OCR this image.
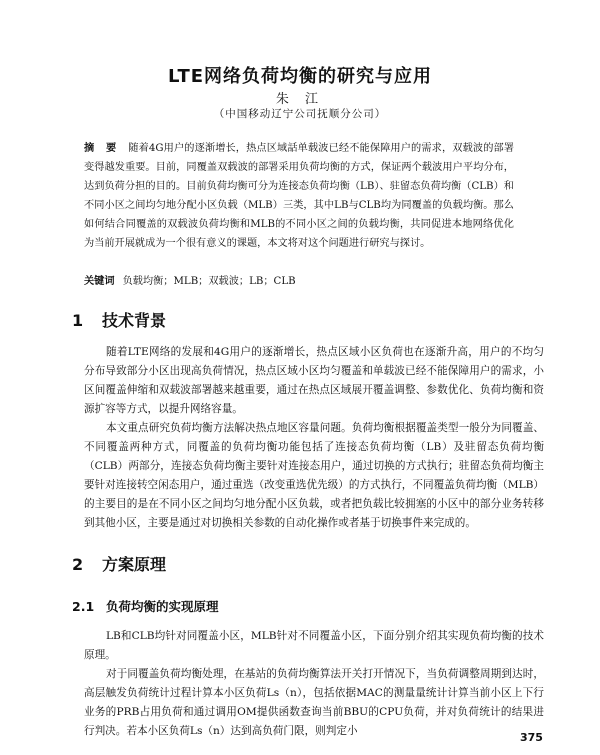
LTE网络负荷均衡的研究与应用
朱 江
（中国移动辽宁公司抚顺分公司）
摘 要 随着4G用户的逐渐增长，热点区域話单载波已经不能保障用户的需求，双载波的部署变得越发重要。目前，同覆盖双载波的部署采用负荷均衡的方式，保证两个载波用户平均分布，达到负荷分担的目的。目前负荷均衡可分为连接态负荷均衡（LB）、驻留态负荷均衡（CLB）和不同小区之间均匀地分配小区负载（MLB）三类，其中LB与CLB均为同覆盖的负载均衡。那么如何结合同覆盖的双载波负荷均衡和MLB的不同小区之间的负载均衡，共同促进本地网络优化为当前开展就成为一个很有意义的课题，本文将对这个问题进行研究与探讨。
关键词 负载均衡；MLB；双载波；LB；CLB
1 技术背景

随着LTE网络的发展和4G用户的逐渐增长，热点区域小区负荷也在逐渐升高，用户的不均匀分布导致部分小区出现高负荷情况，热点区域小区均匀覆盖和单载波已经不能保障用户的需求，小区间覆盖伸缩和双载波部署越来越重要，通过在热点区域展开覆盖调整、参数优化、负荷均衡和资源扩容等方式，以提升网络容量。

本文重点研究负荷均衡方法解决热点地区容量问题。负荷均衡根据覆盖类型一般分为同覆盖、不同覆盖两种方式，同覆盖的负荷均衡功能包括了连接态负荷均衡（LB）及驻留态负荷均衡（CLB）两部分，连接态负荷均衡主要针对连接态用户，通过切换的方式执行；驻留态负荷均衡主要针对连接转空闲态用户，通过重选（改变重选优先级）的方式执行，不同覆盖负荷均衡（MLB）的主要目的是在不同小区之间均匀地分配小区负载，或者把负载比较拥塞的小区中的部分业务转移到其他小区，主要是通过对切换相关参数的自动化操作或者基于切换事件来完成的。

2 方案原理
2.1 负荷均衡的实现原理

LB和CLB均针对同覆盖小区，MLB针对不同覆盖小区，下面分别介绍其实现负荷均衡的技术原理。

对于同覆盖负荷均衡处理，在基站的负荷均衡算法开关打开情况下，当负荷调整周期到达时，高层触发负荷统计过程计算本小区负荷Ls（n），包括依据MAC的测量量统计计算当前小区上下行业务的PRB占用负荷和通过调用OM提供函数查询当前BBU的CPU负荷，并对负荷统计的结果进行判决。若本小区负荷Ls（n）达到高负荷门限，则判定小	375
